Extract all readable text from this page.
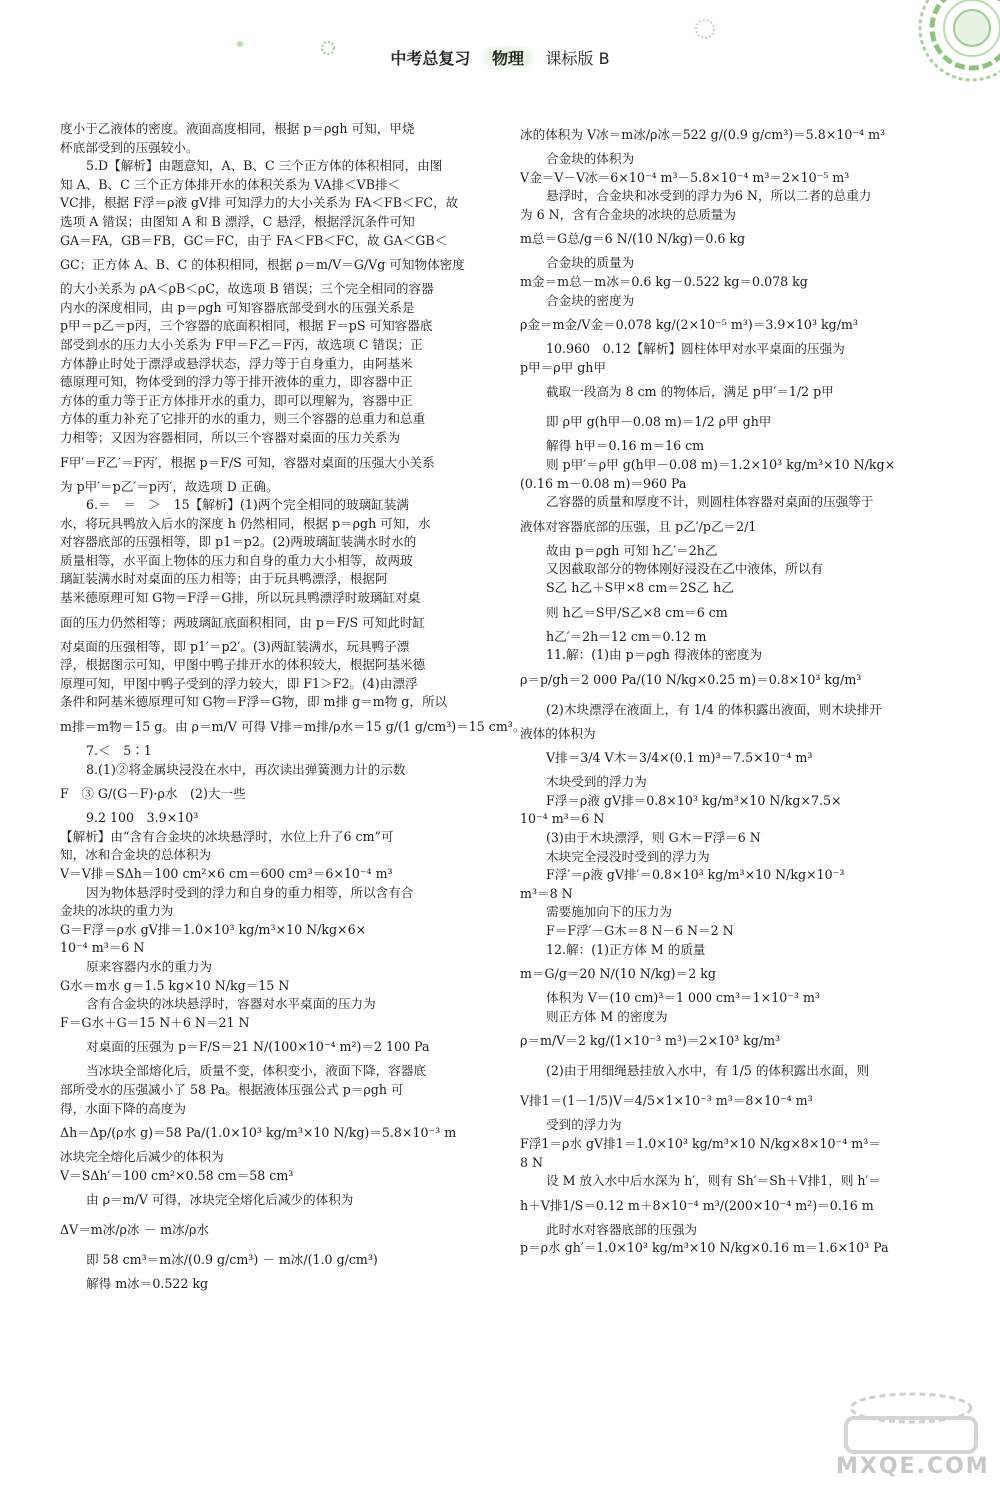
中考总复习 物理 课标版 B

度小于乙液体的密度。液面高度相同，根据 p＝ρgh 可知，甲烧

杯底部受到的压强较小。

5.D【解析】由题意知，A、B、C 三个正方体的体积相同，由图

知 A、B、C 三个正方体排开水的体积关系为 VA排＜VB排＜

VC排，根据 F浮＝ρ液 gV排 可知浮力的大小关系为 FA＜FB＜FC，故

选项 A 错误；由图知 A 和 B 漂浮，C 悬浮，根据浮沉条件可知

GA＝FA，GB＝FB，GC＝FC，由于 FA＜FB＜FC，故 GA＜GB＜

GC；正方体 A、B、C 的体积相同，根据 ρ＝m/V＝G/Vg 可知物体密度

的大小关系为 ρA＜ρB＜ρC，故选项 B 错误；三个完全相同的容器

内水的深度相同，由 p＝ρgh 可知容器底部受到水的压强关系是

p甲＝p乙＝p丙，三个容器的底面积相同，根据 F＝pS 可知容器底

部受到水的压力大小关系为 F甲＝F乙＝F丙，故选项 C 错误；正

方体静止时处于漂浮或悬浮状态，浮力等于自身重力，由阿基米

德原理可知，物体受到的浮力等于排开液体的重力，即容器中正

方体的重力等于正方体排开水的重力，即可以理解为，容器中正

方体的重力补充了它排开的水的重力，则三个容器的总重力和总重

力相等；又因为容器相同，所以三个容器对桌面的压力关系为

F甲′＝F乙′＝F丙′，根据 p＝F/S 可知，容器对桌面的压强大小关系

为 p甲′＝p乙′＝p丙′，故选项 D 正确。

6.＝　＝　＞　15【解析】(1)两个完全相同的玻璃缸装满

水，将玩具鸭放入后水的深度 h 仍然相同，根据 p＝ρgh 可知，水

对容器底部的压强相等，即 p1＝p2。(2)两玻璃缸装满水时水的

质量相等，水平面上物体的压力和自身的重力大小相等，故两玻

璃缸装满水时对桌面的压力相等；由于玩具鸭漂浮，根据阿

基米德原理可知 G物＝F浮＝G排，所以玩具鸭漂浮时玻璃缸对桌

面的压力仍然相等；两玻璃缸底面积相同，由 p＝F/S 可知此时缸

对桌面的压强相等，即 p1′＝p2′。(3)两缸装满水，玩具鸭子漂

浮，根据图示可知，甲图中鸭子排开水的体积较大，根据阿基米德

原理可知，甲图中鸭子受到的浮力较大，即 F1＞F2。(4)由漂浮

条件和阿基米德原理可知 G物＝F浮＝G物，即 m排 g＝m物 g，所以

m排＝m物＝15 g。由 ρ＝m/V 可得 V排＝m排/ρ水＝15 g/(1 g/cm³)＝15 cm³。

7.＜　5∶1

8.(1)②将金属块浸没在水中，再次读出弹簧测力计的示数

F　③ G/(G－F)·ρ水　(2)大一些

9.2 100　3.9×10³

【解析】由“含有合金块的冰块悬浮时，水位上升了6 cm”可

知，冰和合金块的总体积为

V＝V排＝SΔh＝100 cm²×6 cm＝600 cm³＝6×10⁻⁴ m³

因为物体悬浮时受到的浮力和自身的重力相等，所以含有合

金块的冰块的重力为

G＝F浮＝ρ水 gV排＝1.0×10³ kg/m³×10 N/kg×6×

10⁻⁴ m³＝6 N

原来容器内水的重力为

G水＝m水 g＝1.5 kg×10 N/kg＝15 N

含有合金块的冰块悬浮时，容器对水平桌面的压力为

F＝G水＋G＝15 N＋6 N＝21 N

对桌面的压强为 p＝F/S＝21 N/(100×10⁻⁴ m²)＝2 100 Pa

当冰块全部熔化后，质量不变，体积变小，液面下降，容器底

部所受水的压强减小了 58 Pa。根据液体压强公式 p＝ρgh 可

得，水面下降的高度为

Δh＝Δp/(ρ水 g)＝58 Pa/(1.0×10³ kg/m³×10 N/kg)＝5.8×10⁻³ m

冰块完全熔化后减少的体积为

V＝SΔh′＝100 cm²×0.58 cm＝58 cm³

由 ρ＝m/V 可得，冰块完全熔化后减少的体积为

ΔV＝m冰/ρ冰 － m冰/ρ水

即 58 cm³＝m冰/(0.9 g/cm³) － m冰/(1.0 g/cm³)

解得 m冰＝0.522 kg

冰的体积为 V冰＝m冰/ρ冰＝522 g/(0.9 g/cm³)＝5.8×10⁻⁴ m³

合金块的体积为

V金＝V－V冰＝6×10⁻⁴ m³－5.8×10⁻⁴ m³＝2×10⁻⁵ m³

悬浮时，合金块和冰受到的浮力为6 N，所以二者的总重力

为 6 N，含有合金块的冰块的总质量为

m总＝G总/g＝6 N/(10 N/kg)＝0.6 kg

合金块的质量为

m金＝m总－m冰＝0.6 kg－0.522 kg＝0.078 kg

合金块的密度为

ρ金＝m金/V金＝0.078 kg/(2×10⁻⁵ m³)＝3.9×10³ kg/m³

10.960　0.12【解析】圆柱体甲对水平桌面的压强为

p甲＝ρ甲 gh甲

截取一段高为 8 cm 的物体后，满足 p甲′＝1/2 p甲

即 ρ甲 g(h甲－0.08 m)＝1/2 ρ甲 gh甲

解得 h甲＝0.16 m＝16 cm

则 p甲′＝ρ甲 g(h甲－0.08 m)＝1.2×10³ kg/m³×10 N/kg×

(0.16 m－0.08 m)＝960 Pa

乙容器的质量和厚度不计，则圆柱体容器对桌面的压强等于

液体对容器底部的压强，且 p乙′/p乙＝2/1

故由 p＝ρgh 可知 h乙′＝2h乙

又因截取部分的物体刚好浸没在乙中液体，所以有

S乙 h乙＋S甲×8 cm＝2S乙 h乙

则 h乙＝S甲/S乙×8 cm＝6 cm

h乙′＝2h＝12 cm＝0.12 m

11.解：(1)由 p＝ρgh 得液体的密度为

ρ＝p/gh＝2 000 Pa/(10 N/kg×0.25 m)＝0.8×10³ kg/m³

(2)木块漂浮在液面上，有 1/4 的体积露出液面，则木块排开

液体的体积为

V排＝3/4 V木＝3/4×(0.1 m)³＝7.5×10⁻⁴ m³

木块受到的浮力为

F浮＝ρ液 gV排＝0.8×10³ kg/m³×10 N/kg×7.5×

10⁻⁴ m³＝6 N

(3)由于木块漂浮，则 G木＝F浮＝6 N

木块完全浸没时受到的浮力为

F浮′＝ρ液 gV排′＝0.8×10³ kg/m³×10 N/kg×10⁻³

m³＝8 N

需要施加向下的压力为

F＝F浮′－G木＝8 N－6 N＝2 N

12.解：(1)正方体 M 的质量

m＝G/g＝20 N/(10 N/kg)＝2 kg

体积为 V＝(10 cm)³＝1 000 cm³＝1×10⁻³ m³

则正方体 M 的密度为

ρ＝m/V＝2 kg/(1×10⁻³ m³)＝2×10³ kg/m³

(2)由于用细绳悬挂放入水中，有 1/5 的体积露出水面，则

V排1＝(1－1/5)V＝4/5×1×10⁻³ m³＝8×10⁻⁴ m³

受到的浮力为

F浮1＝ρ水 gV排1＝1.0×10³ kg/m³×10 N/kg×8×10⁻⁴ m³＝

8 N

设 M 放入水中后水深为 h′，则有 Sh′＝Sh＋V排1，则 h′＝

h＋V排1/S＝0.12 m＋8×10⁻⁴ m³/(200×10⁻⁴ m²)＝0.16 m

此时水对容器底部的压强为

p＝ρ水 gh′＝1.0×10³ kg/m³×10 N/kg×0.16 m＝1.6×10³ Pa

MXQE.COM
